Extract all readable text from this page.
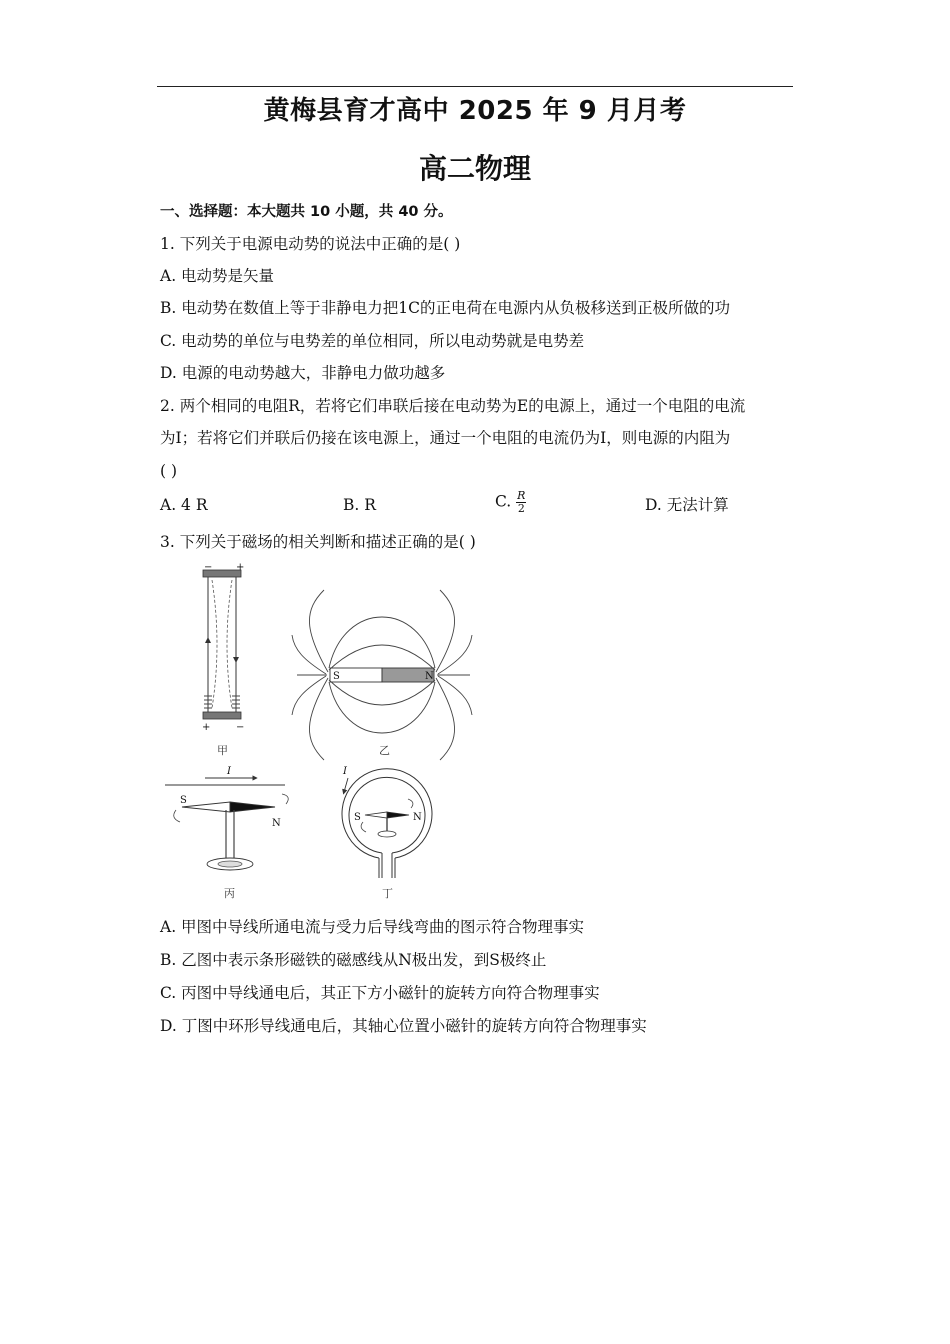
黄梅县育才高中 2025 年 9 月月考
高二物理
一、选择题：本大题共 10 小题，共 40 分。
1. 下列关于电源电动势的说法中正确的是( )
A. 电动势是矢量
B. 电动势在数值上等于非静电力把1C的正电荷在电源内从负极移送到正极所做的功
C. 电动势的单位与电势差的单位相同，所以电动势就是电势差
D. 电源的电动势越大，非静电力做功越多
2. 两个相同的电阻R，若将它们串联后接在电动势为E的电源上，通过一个电阻的电流
为I；若将它们并联后仍接在该电源上，通过一个电阻的电流仍为I，则电源的内阻为
( )
A. 4 R	B. R	C. $\frac{R}{2}$	D. 无法计算
3. 下列关于磁场的相关判断和描述正确的是( )
− +
+	−
甲
S	N
乙
I
S
N
丙
I
S	N
丁
A. 甲图中导线所通电流与受力后导线弯曲的图示符合物理事实
B. 乙图中表示条形磁铁的磁感线从N极出发，到S极终止
C. 丙图中导线通电后，其正下方小磁针的旋转方向符合物理事实
D. 丁图中环形导线通电后，其轴心位置小磁针的旋转方向符合物理事实
